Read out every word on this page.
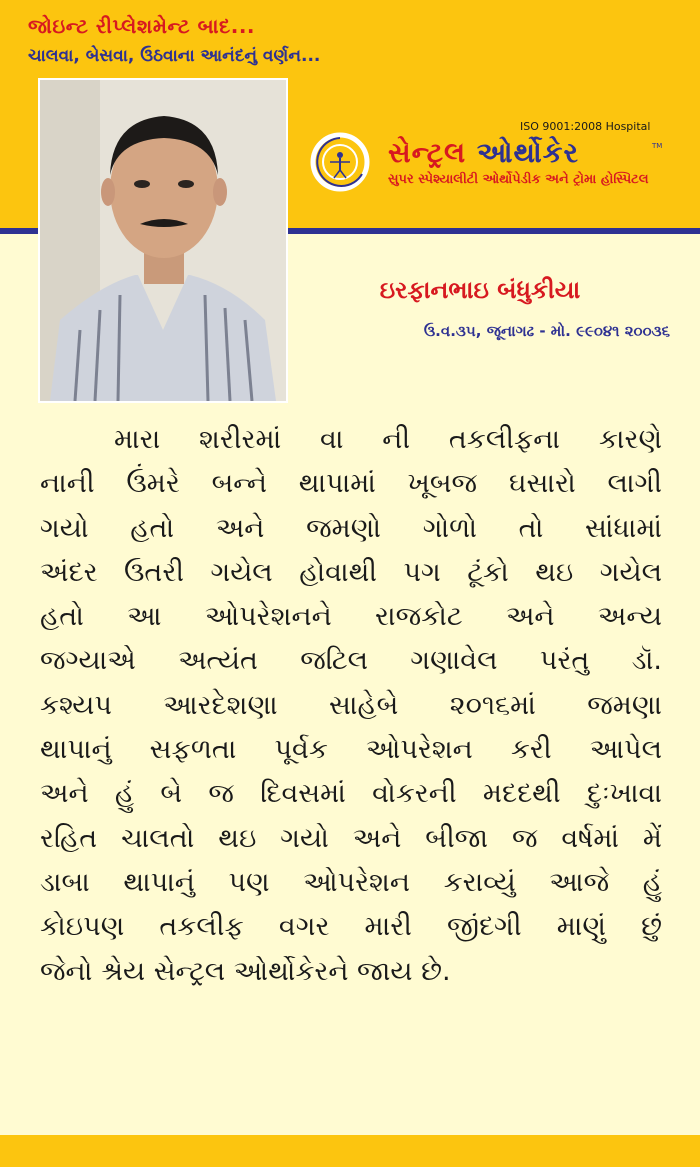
જોઇન્ટ રીપ્લેશમેન્ટ બાદ...
ચાલવા, બેસવા, ઉઠવાના આનંદનું વર્ણન...
ISO 9001:2008 Hospital
સેન્ટ્રલ ઓર્થોકેર	TM
સુપર સ્પેશ્યાલીટી ઓર્થોપેડીક અને ટ્રોમા હોસ્પિટલ
ઇરફાનભાઇ બંધુકીયા
ઉ.વ.૩૫, જૂનાગઢ - મો. ૯૯૦૪૧ ૨૦૦૩૬
મારા શરીરમાં વા ની તકલીફના કારણે
નાની ઉંમરે બન્ને થાપામાં ખૂબજ ઘસારો લાગી
ગયો હતો અને જમણો ગોળો તો સાંધામાં
અંદર ઉતરી ગયેલ હોવાથી પગ ટૂંકો થઇ ગયેલ
હતો આ ઓપરેશનને રાજકોટ અને અન્ય
જગ્યાએ અત્યંત જટિલ ગણાવેલ પરંતુ ડૉ.
કશ્યપ આરદેશણા સાહેબે ૨૦૧૬માં જમણા
થાપાનું સફળતા પૂર્વક ઓપરેશન કરી આપેલ
અને હું બે જ દિવસમાં વોકરની મદદથી દુઃખાવા
રહિત ચાલતો થઇ ગયો અને બીજા જ વર્ષમાં મેં
ડાબા થાપાનું પણ ઓપરેશન કરાવ્યું આજે હું
કોઇપણ તકલીફ વગર મારી જીંદગી માણું છું
જેનો શ્રેય સેન્ટ્રલ ઓર્થોકેરને જાય છે.
